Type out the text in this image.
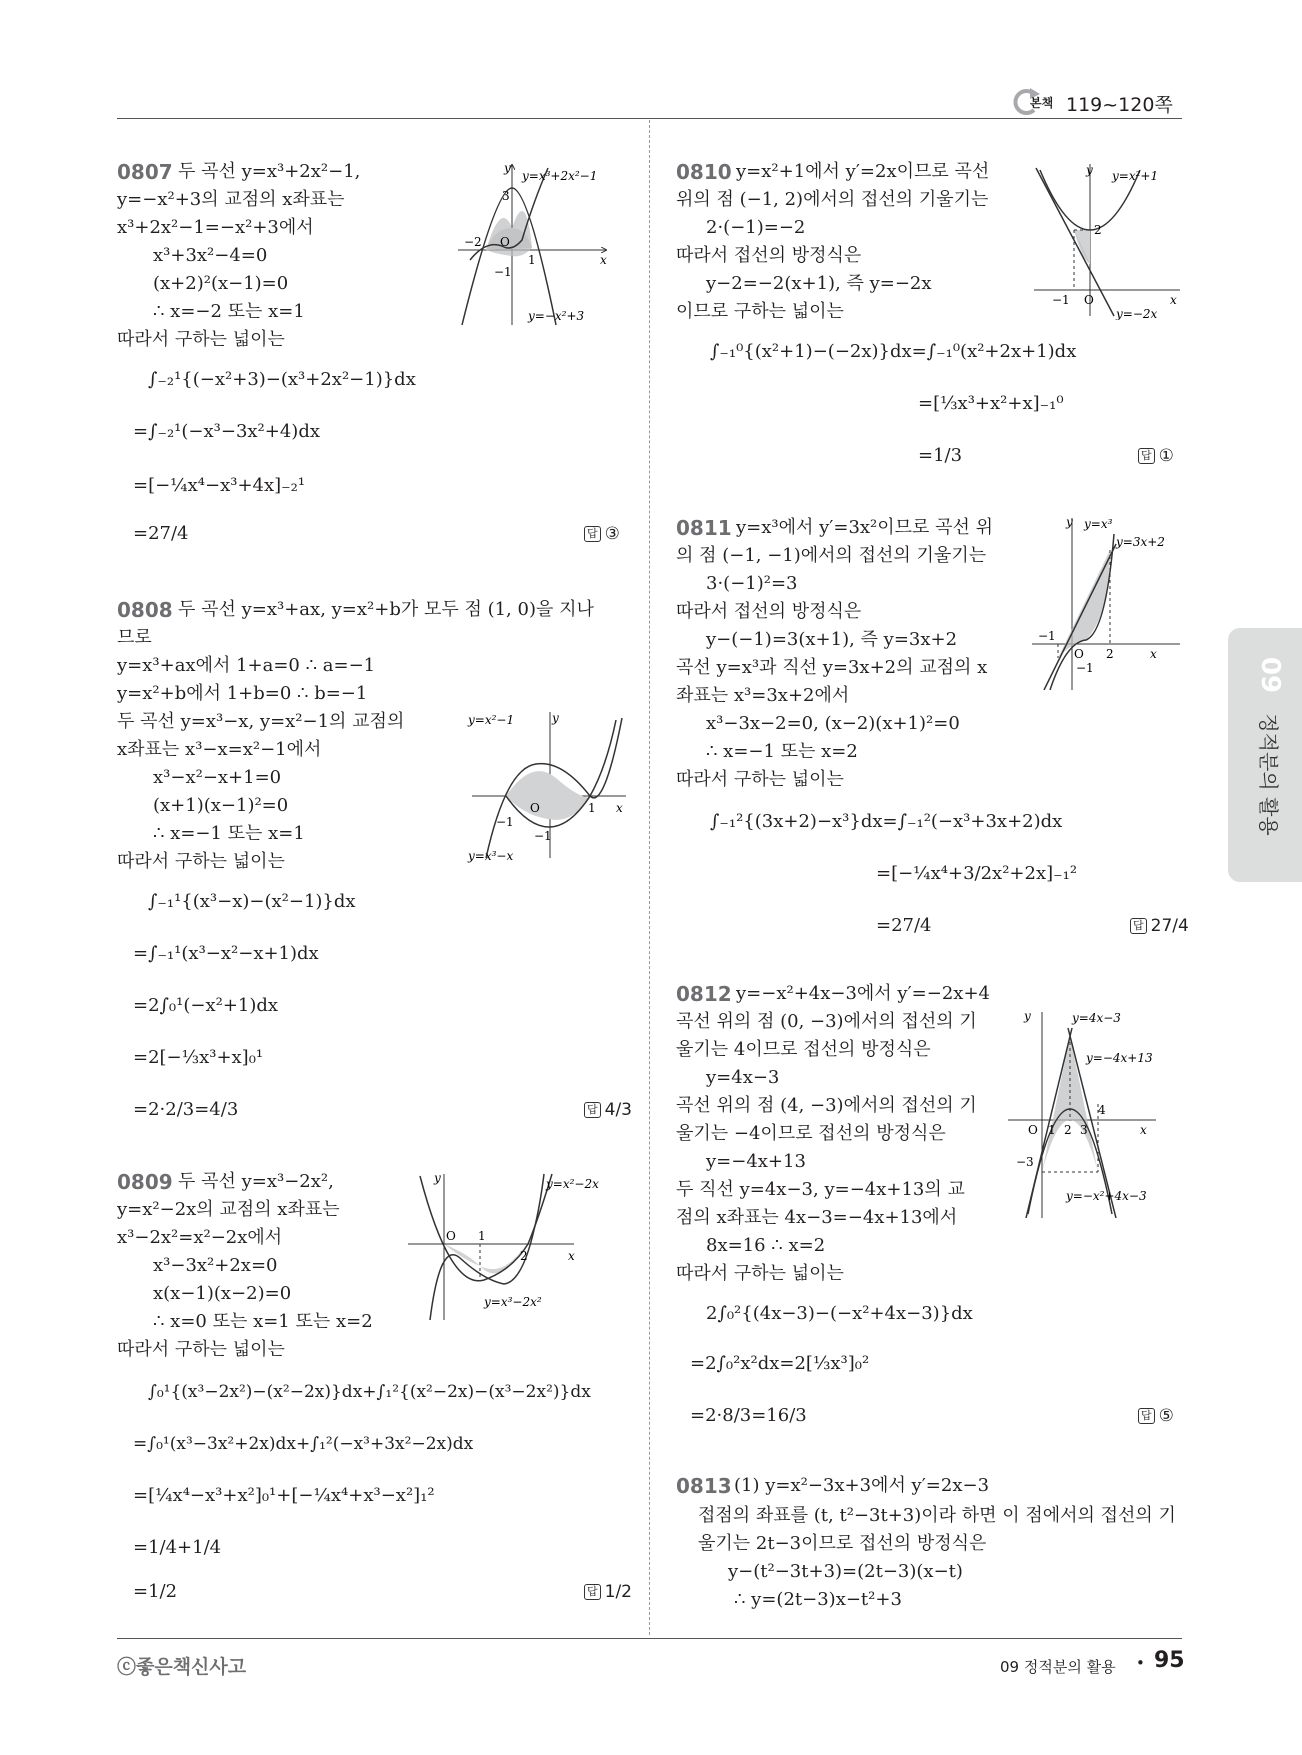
본책 119~120쪽
09
정적분의 활용
0807 두 곡선 y=x³+2x²−1,
y=−x²+3의 교점의 x좌표는
x³+2x²−1=−x²+3에서
x³+3x²−4=0
(x+2)²(x−1)=0
∴ x=−2 또는 x=1
따라서 구하는 넓이는
∫₋₂¹{(−x²+3)−(x³+2x²−1)}dx
=∫₋₂¹(−x³−3x²+4)dx
=[−¼x⁴−x³+4x]₋₂¹
=27/4	답 ③
y
y=x³+2x²−1
3
−2 O
1	x
−1
y=−x²+3
0808 두 곡선 y=x³+ax, y=x²+b가 모두 점 (1, 0)을 지나
므로
y=x³+ax에서 1+a=0 ∴ a=−1
y=x²+b에서 1+b=0 ∴ b=−1
두 곡선 y=x³−x, y=x²−1의 교점의
x좌표는 x³−x=x²−1에서
x³−x²−x+1=0
(x+1)(x−1)²=0
∴ x=−1 또는 x=1
따라서 구하는 넓이는
∫₋₁¹{(x³−x)−(x²−1)}dx
=∫₋₁¹(x³−x²−x+1)dx
=2∫₀¹(−x²+1)dx
=2[−⅓x³+x]₀¹
=2·2/3=4/3	답 4/3
y=x²−1	y
O	1 x
−1
−1
y=x³−x
0809 두 곡선 y=x³−2x²,
y=x²−2x의 교점의 x좌표는
x³−2x²=x²−2x에서
x³−3x²+2x=0
x(x−1)(x−2)=0
∴ x=0 또는 x=1 또는 x=2
따라서 구하는 넓이는
∫₀¹{(x³−2x²)−(x²−2x)}dx+∫₁²{(x²−2x)−(x³−2x²)}dx
=∫₀¹(x³−3x²+2x)dx+∫₁²(−x³+3x²−2x)dx
=[¼x⁴−x³+x²]₀¹+[−¼x⁴+x³−x²]₁²
=1/4+1/4
=1/2	답 1/2
y	y=x²−2x
O 1
2	x
y=x³−2x²
0810 y=x²+1에서 y′=2x이므로 곡선
위의 점 (−1, 2)에서의 접선의 기울기는
2·(−1)=−2
따라서 접선의 방정식은
y−2=−2(x+1), 즉 y=−2x
이므로 구하는 넓이는
∫₋₁⁰{(x²+1)−(−2x)}dx=∫₋₁⁰(x²+2x+1)dx
=[⅓x³+x²+x]₋₁⁰
=1/3	답 ①
y y=x²+1
2
−1 O	x
y=−2x
0811 y=x³에서 y′=3x²이므로 곡선 위
의 점 (−1, −1)에서의 접선의 기울기는
3·(−1)²=3
따라서 접선의 방정식은
y−(−1)=3(x+1), 즉 y=3x+2
곡선 y=x³과 직선 y=3x+2의 교점의 x
좌표는 x³=3x+2에서
x³−3x−2=0, (x−2)(x+1)²=0
∴ x=−1 또는 x=2
따라서 구하는 넓이는
∫₋₁²{(3x+2)−x³}dx=∫₋₁²(−x³+3x+2)dx
=[−¼x⁴+3/2x²+2x]₋₁²
=27/4	답 27/4
y y=x³
y=3x+2
−1
O 2	x
−1
0812 y=−x²+4x−3에서 y′=−2x+4
곡선 위의 점 (0, −3)에서의 접선의 기
울기는 4이므로 접선의 방정식은
y=4x−3
곡선 위의 점 (4, −3)에서의 접선의 기
울기는 −4이므로 접선의 방정식은
y=−4x+13
두 직선 y=4x−3, y=−4x+13의 교
점의 x좌표는 4x−3=−4x+13에서
8x=16 ∴ x=2
따라서 구하는 넓이는
2∫₀²{(4x−3)−(−x²+4x−3)}dx
=2∫₀²x²dx=2[⅓x³]₀²
=2·8/3=16/3	답 ⑤
y	y=4x−3
y=−4x+13
4
O 1 2 3	x
−3
y=−x²+4x−3
0813 (1) y=x²−3x+3에서 y′=2x−3
접점의 좌표를 (t, t²−3t+3)이라 하면 이 점에서의 접선의 기
울기는 2t−3이므로 접선의 방정식은
y−(t²−3t+3)=(2t−3)(x−t)
∴ y=(2t−3)x−t²+3
ⓒ좋은책신사고	09 정적분의 활용 • 95
